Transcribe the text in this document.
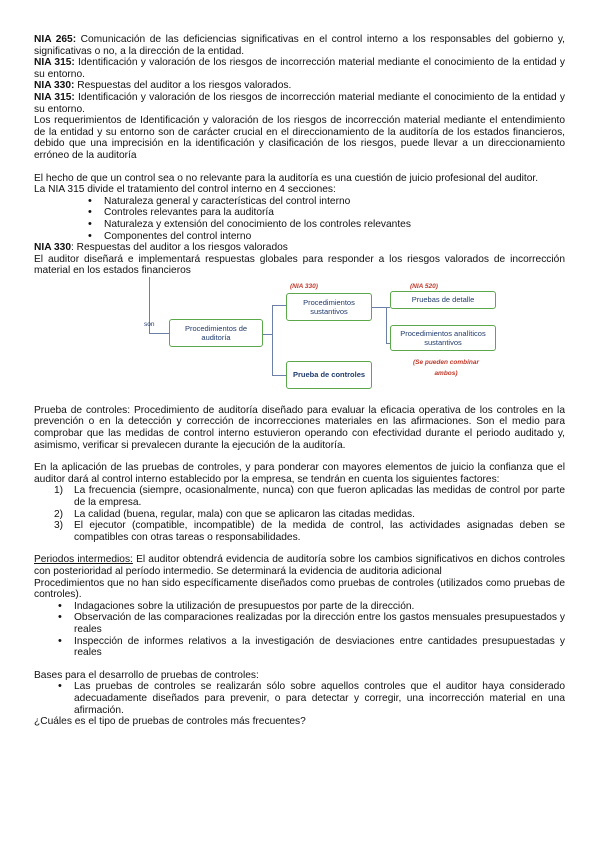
NIA 265: Comunicación de las deficiencias significativas en el control interno a los responsables del gobierno y, significativas o no, a la dirección de la entidad.

NIA 315: Identificación y valoración de los riesgos de incorrección material mediante el conocimiento de la entidad y su entorno.

NIA 330: Respuestas del auditor a los riesgos valorados.

NIA 315: Identificación y valoración de los riesgos de incorrección material mediante el conocimiento de la entidad y su entorno.

Los requerimientos de Identificación y valoración de los riesgos de incorrección material mediante el entendimiento de la entidad y su entorno son de carácter crucial en el direccionamiento de la auditoría de los estados financieros, debido que una imprecisión en la identificación y clasificación de los riesgos, puede llevar a un direccionamiento erróneo de la auditoría

El hecho de que un control sea o no relevante para la auditoría es una cuestión de juicio profesional del auditor.

La NIA 315 divide el tratamiento del control interno en 4 secciones:

• Naturaleza general y características del control interno
• Controles relevantes para la auditoría
• Naturaleza y extensión del conocimiento de los controles relevantes
• Componentes del control interno

NIA 330: Respuestas del auditor a los riesgos valorados

El auditor diseñará e implementará respuestas globales para responder a los riesgos valorados de incorrección material en los estados financieros

son	Procedimientos de auditoría
(NIA 330)
Procedimientos sustantivos
Prueba de controles
(NIA 520)
Pruebas de detalle
Procedimientos analíticos sustantivos
(Se pueden combinar ambos)

Prueba de controles: Procedimiento de auditoría diseñado para evaluar la eficacia operativa de los controles en la prevención o en la detección y corrección de incorrecciones materiales en las afirmaciones. Son el medio para comprobar que las medidas de control interno estuvieron operando con efectividad durante el periodo auditado y, asimismo, verificar si prevalecen durante la ejecución de la auditoría.

En la aplicación de las pruebas de controles, y para ponderar con mayores elementos de juicio la confianza que el auditor dará al control interno establecido por la empresa, se tendrán en cuenta los siguientes factores:

1) La frecuencia (siempre, ocasionalmente, nunca) con que fueron aplicadas las medidas de control por parte de la empresa.
2) La calidad (buena, regular, mala) con que se aplicaron las citadas medidas.
3) El ejecutor (compatible, incompatible) de la medida de control, las actividades asignadas deben se compatibles con otras tareas o responsabilidades.

Periodos intermedios: El auditor obtendrá evidencia de auditoría sobre los cambios significativos en dichos controles con posterioridad al período intermedio. Se determinará la evidencia de auditoria adicional

Procedimientos que no han sido específicamente diseñados como pruebas de controles (utilizados como pruebas de controles).

• Indagaciones sobre la utilización de presupuestos por parte de la dirección.
• Observación de las comparaciones realizadas por la dirección entre los gastos mensuales presupuestados y reales
• Inspección de informes relativos a la investigación de desviaciones entre cantidades presupuestadas y reales

Bases para el desarrollo de pruebas de controles:

• Las pruebas de controles se realizarán sólo sobre aquellos controles que el auditor haya considerado adecuadamente diseñados para prevenir, o para detectar y corregir, una incorrección material en una afirmación.

¿Cuáles es el tipo de pruebas de controles más frecuentes?
